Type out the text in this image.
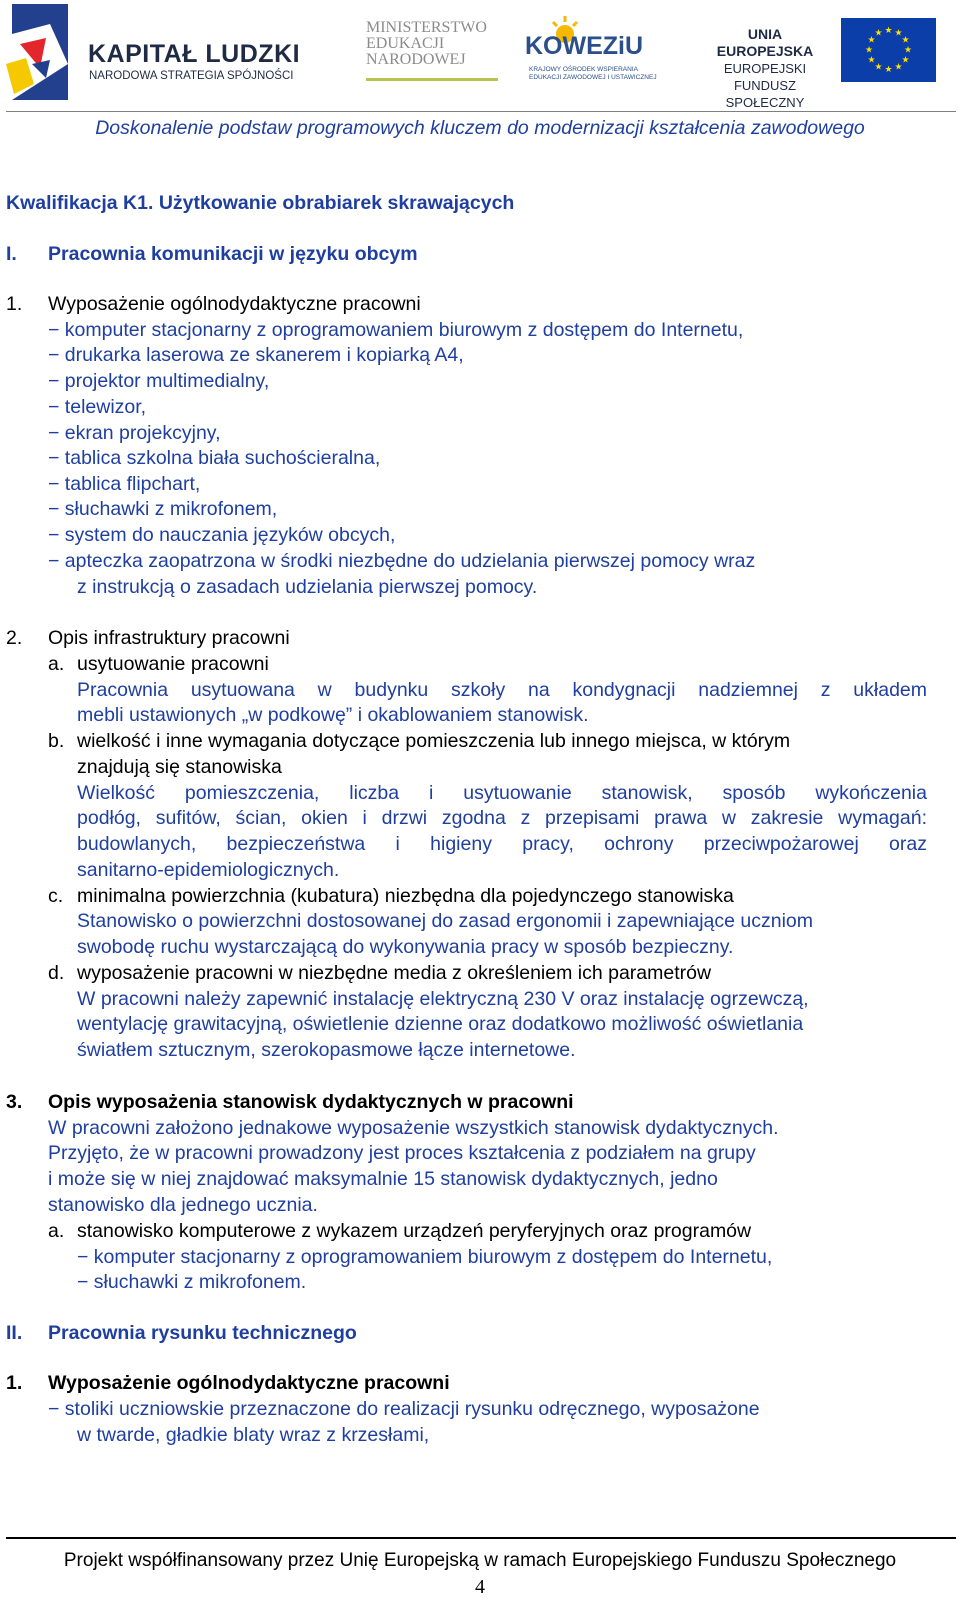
KAPITAŁ LUDZKI
NARODOWA STRATEGIA SPÓJNOŚCI
MINISTERSTWO
EDUKACJI
NARODOWEJ	KOWEZiU
KRAJOWY OŚRODEK WSPIERANIA
EDUKACJI ZAWODOWEJ I USTAWICZNEJ
UNIA EUROPEJSKA
EUROPEJSKI
FUNDUSZ SPOŁECZNY
★ ★
★
★
★
★
★
★
★
★
★
★
Doskonalenie podstaw programowych kluczem do modernizacji kształcenia zawodowego
Kwalifikacja K1. Użytkowanie obrabiarek skrawających
I. Pracownia komunikacji w języku obcym
1. Wyposażenie ogólnodydaktyczne pracowni
− komputer stacjonarny z oprogramowaniem biurowym z dostępem do Internetu,
− drukarka laserowa ze skanerem i kopiarką A4,
− projektor multimedialny,
− telewizor,
− ekran projekcyjny,
− tablica szkolna biała suchościeralna,
− tablica flipchart,
− słuchawki z mikrofonem,
− system do nauczania języków obcych,
− apteczka zaopatrzona w środki niezbędne do udzielania pierwszej pomocy wraz
z instrukcją o zasadach udzielania pierwszej pomocy.
2. Opis infrastruktury pracowni
a. usytuowanie pracowni
Pracownia usytuowana w budynku szkoły na kondygnacji nadziemnej z układem
mebli ustawionych „w podkowę” i okablowaniem stanowisk.
b. wielkość i inne wymagania dotyczące pomieszczenia lub innego miejsca, w którym
znajdują się stanowiska
Wielkość pomieszczenia, liczba i usytuowanie stanowisk, sposób wykończenia
podłóg, sufitów, ścian, okien i drzwi zgodna z przepisami prawa w zakresie wymagań:
budowlanych, bezpieczeństwa i higieny pracy, ochrony przeciwpożarowej oraz
sanitarno-epidemiologicznych.
c. minimalna powierzchnia (kubatura) niezbędna dla pojedynczego stanowiska
Stanowisko o powierzchni dostosowanej do zasad ergonomii i zapewniające uczniom
swobodę ruchu wystarczającą do wykonywania pracy w sposób bezpieczny.
d. wyposażenie pracowni w niezbędne media z określeniem ich parametrów
W pracowni należy zapewnić instalację elektryczną 230 V oraz instalację ogrzewczą,
wentylację grawitacyjną, oświetlenie dzienne oraz dodatkowo możliwość oświetlania
światłem sztucznym, szerokopasmowe łącze internetowe.
3. Opis wyposażenia stanowisk dydaktycznych w pracowni
W pracowni założono jednakowe wyposażenie wszystkich stanowisk dydaktycznych.
Przyjęto, że w pracowni prowadzony jest proces kształcenia z podziałem na grupy
i może się w niej znajdować maksymalnie 15 stanowisk dydaktycznych, jedno
stanowisko dla jednego ucznia.
a. stanowisko komputerowe z wykazem urządzeń peryferyjnych oraz programów
− komputer stacjonarny z oprogramowaniem biurowym z dostępem do Internetu,
− słuchawki z mikrofonem.
II. Pracownia rysunku technicznego
1. Wyposażenie ogólnodydaktyczne pracowni
− stoliki uczniowskie przeznaczone do realizacji rysunku odręcznego, wyposażone
w twarde, gładkie blaty wraz z krzesłami,
Projekt współfinansowany przez Unię Europejską w ramach Europejskiego Funduszu Społecznego
4
